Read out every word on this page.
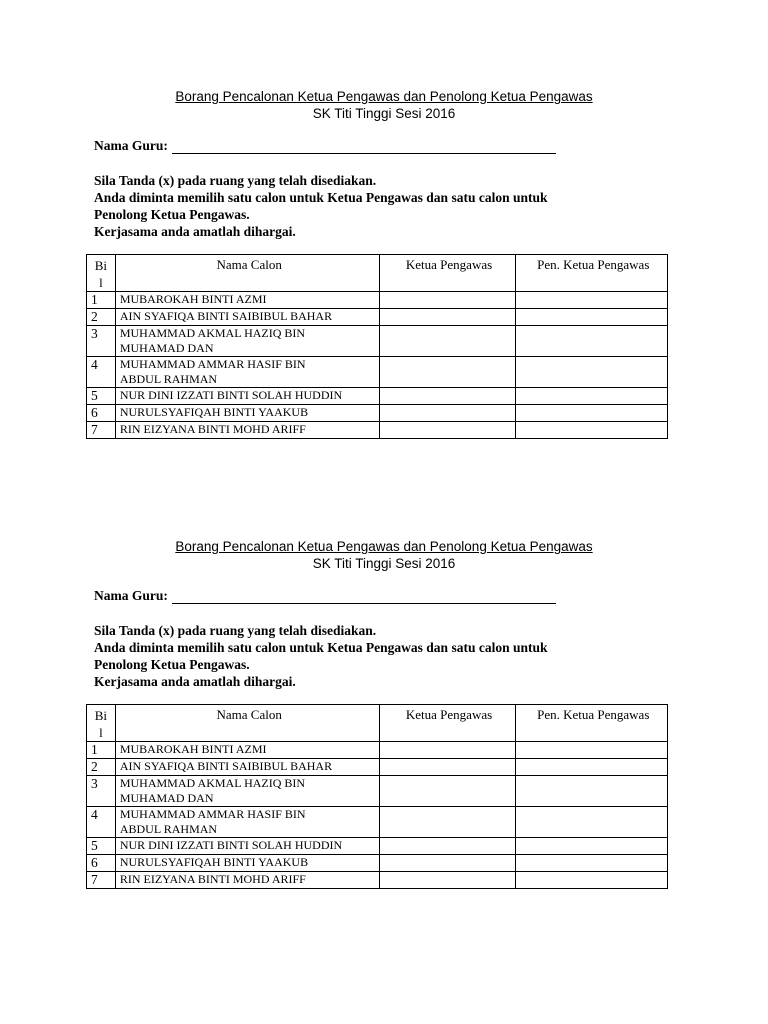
Borang Pencalonan Ketua Pengawas dan Penolong Ketua Pengawas
SK Titi Tinggi Sesi 2016
Nama Guru:
Sila Tanda (x) pada ruang yang telah disediakan.
Anda diminta memilih satu calon untuk Ketua Pengawas dan satu calon untuk
Penolong Ketua Pengawas.
Kerjasama anda amatlah dihargai.
Bi
l	Nama Calon	Ketua Pengawas	Pen. Ketua Pengawas
1	MUBAROKAH BINTI AZMI		
2	AIN SYAFIQA BINTI SAIBIBUL BAHAR		
3	MUHAMMAD AKMAL HAZIQ BIN
MUHAMAD DAN		
4	MUHAMMAD AMMAR HASIF BIN
ABDUL RAHMAN		
5	NUR DINI IZZATI BINTI SOLAH HUDDIN		
6	NURULSYAFIQAH BINTI YAAKUB		
7	RIN EIZYANA BINTI MOHD ARIFF		
Borang Pencalonan Ketua Pengawas dan Penolong Ketua Pengawas
SK Titi Tinggi Sesi 2016
Nama Guru:
Sila Tanda (x) pada ruang yang telah disediakan.
Anda diminta memilih satu calon untuk Ketua Pengawas dan satu calon untuk
Penolong Ketua Pengawas.
Kerjasama anda amatlah dihargai.
Bi
l	Nama Calon	Ketua Pengawas	Pen. Ketua Pengawas
1	MUBAROKAH BINTI AZMI		
2	AIN SYAFIQA BINTI SAIBIBUL BAHAR		
3	MUHAMMAD AKMAL HAZIQ BIN
MUHAMAD DAN		
4	MUHAMMAD AMMAR HASIF BIN
ABDUL RAHMAN		
5	NUR DINI IZZATI BINTI SOLAH HUDDIN		
6	NURULSYAFIQAH BINTI YAAKUB		
7	RIN EIZYANA BINTI MOHD ARIFF		
